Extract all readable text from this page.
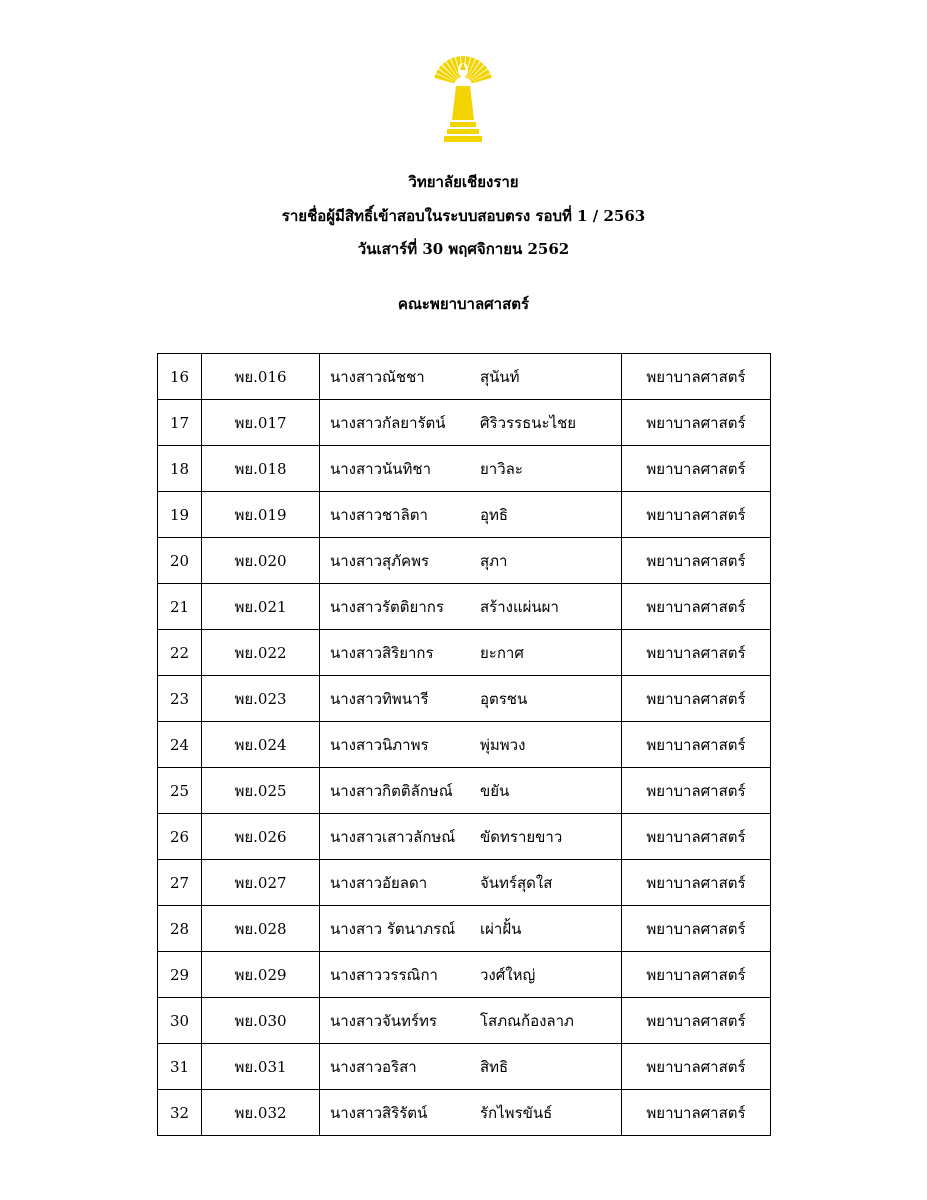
วิทยาลัยเชียงราย
รายชื่อผู้มีสิทธิ์เข้าสอบในระบบสอบตรง รอบที่ 1 / 2563
วันเสาร์ที่ 30 พฤศจิกายน 2562
คณะพยาบาลศาสตร์
16	พย.016	นางสาวณัชชา สุนันท์	พยาบาลศาสตร์
17	พย.017	นางสาวกัลยารัตน์ ศิริวรรธนะไชย	พยาบาลศาสตร์
18	พย.018	นางสาวนันทิชา ยาวิละ	พยาบาลศาสตร์
19	พย.019	นางสาวชาลิตา อุทธิ	พยาบาลศาสตร์
20	พย.020	นางสาวสุภัคพร สุภา	พยาบาลศาสตร์
21	พย.021	นางสาวรัตติยากร สร้างแผ่นผา	พยาบาลศาสตร์
22	พย.022	นางสาวสิริยากร ยะกาศ	พยาบาลศาสตร์
23	พย.023	นางสาวทิพนารี อุตรชน	พยาบาลศาสตร์
24	พย.024	นางสาวนิภาพร พุ่มพวง	พยาบาลศาสตร์
25	พย.025	นางสาวกิตติลักษณ์ ขยัน	พยาบาลศาสตร์
26	พย.026	นางสาวเสาวลักษณ์ ขัดทรายขาว	พยาบาลศาสตร์
27	พย.027	นางสาวอัยลดา จันทร์สุดใส	พยาบาลศาสตร์
28	พย.028	นางสาว รัตนาภรณ์ เผ่าฝั้น	พยาบาลศาสตร์
29	พย.029	นางสาววรรณิกา วงศ์ใหญ่	พยาบาลศาสตร์
30	พย.030	นางสาวจันทร์ทร โสภณก้องลาภ	พยาบาลศาสตร์
31	พย.031	นางสาวอริสา สิทธิ	พยาบาลศาสตร์
32	พย.032	นางสาวสิริรัตน์ รักไพรขันธ์	พยาบาลศาสตร์
